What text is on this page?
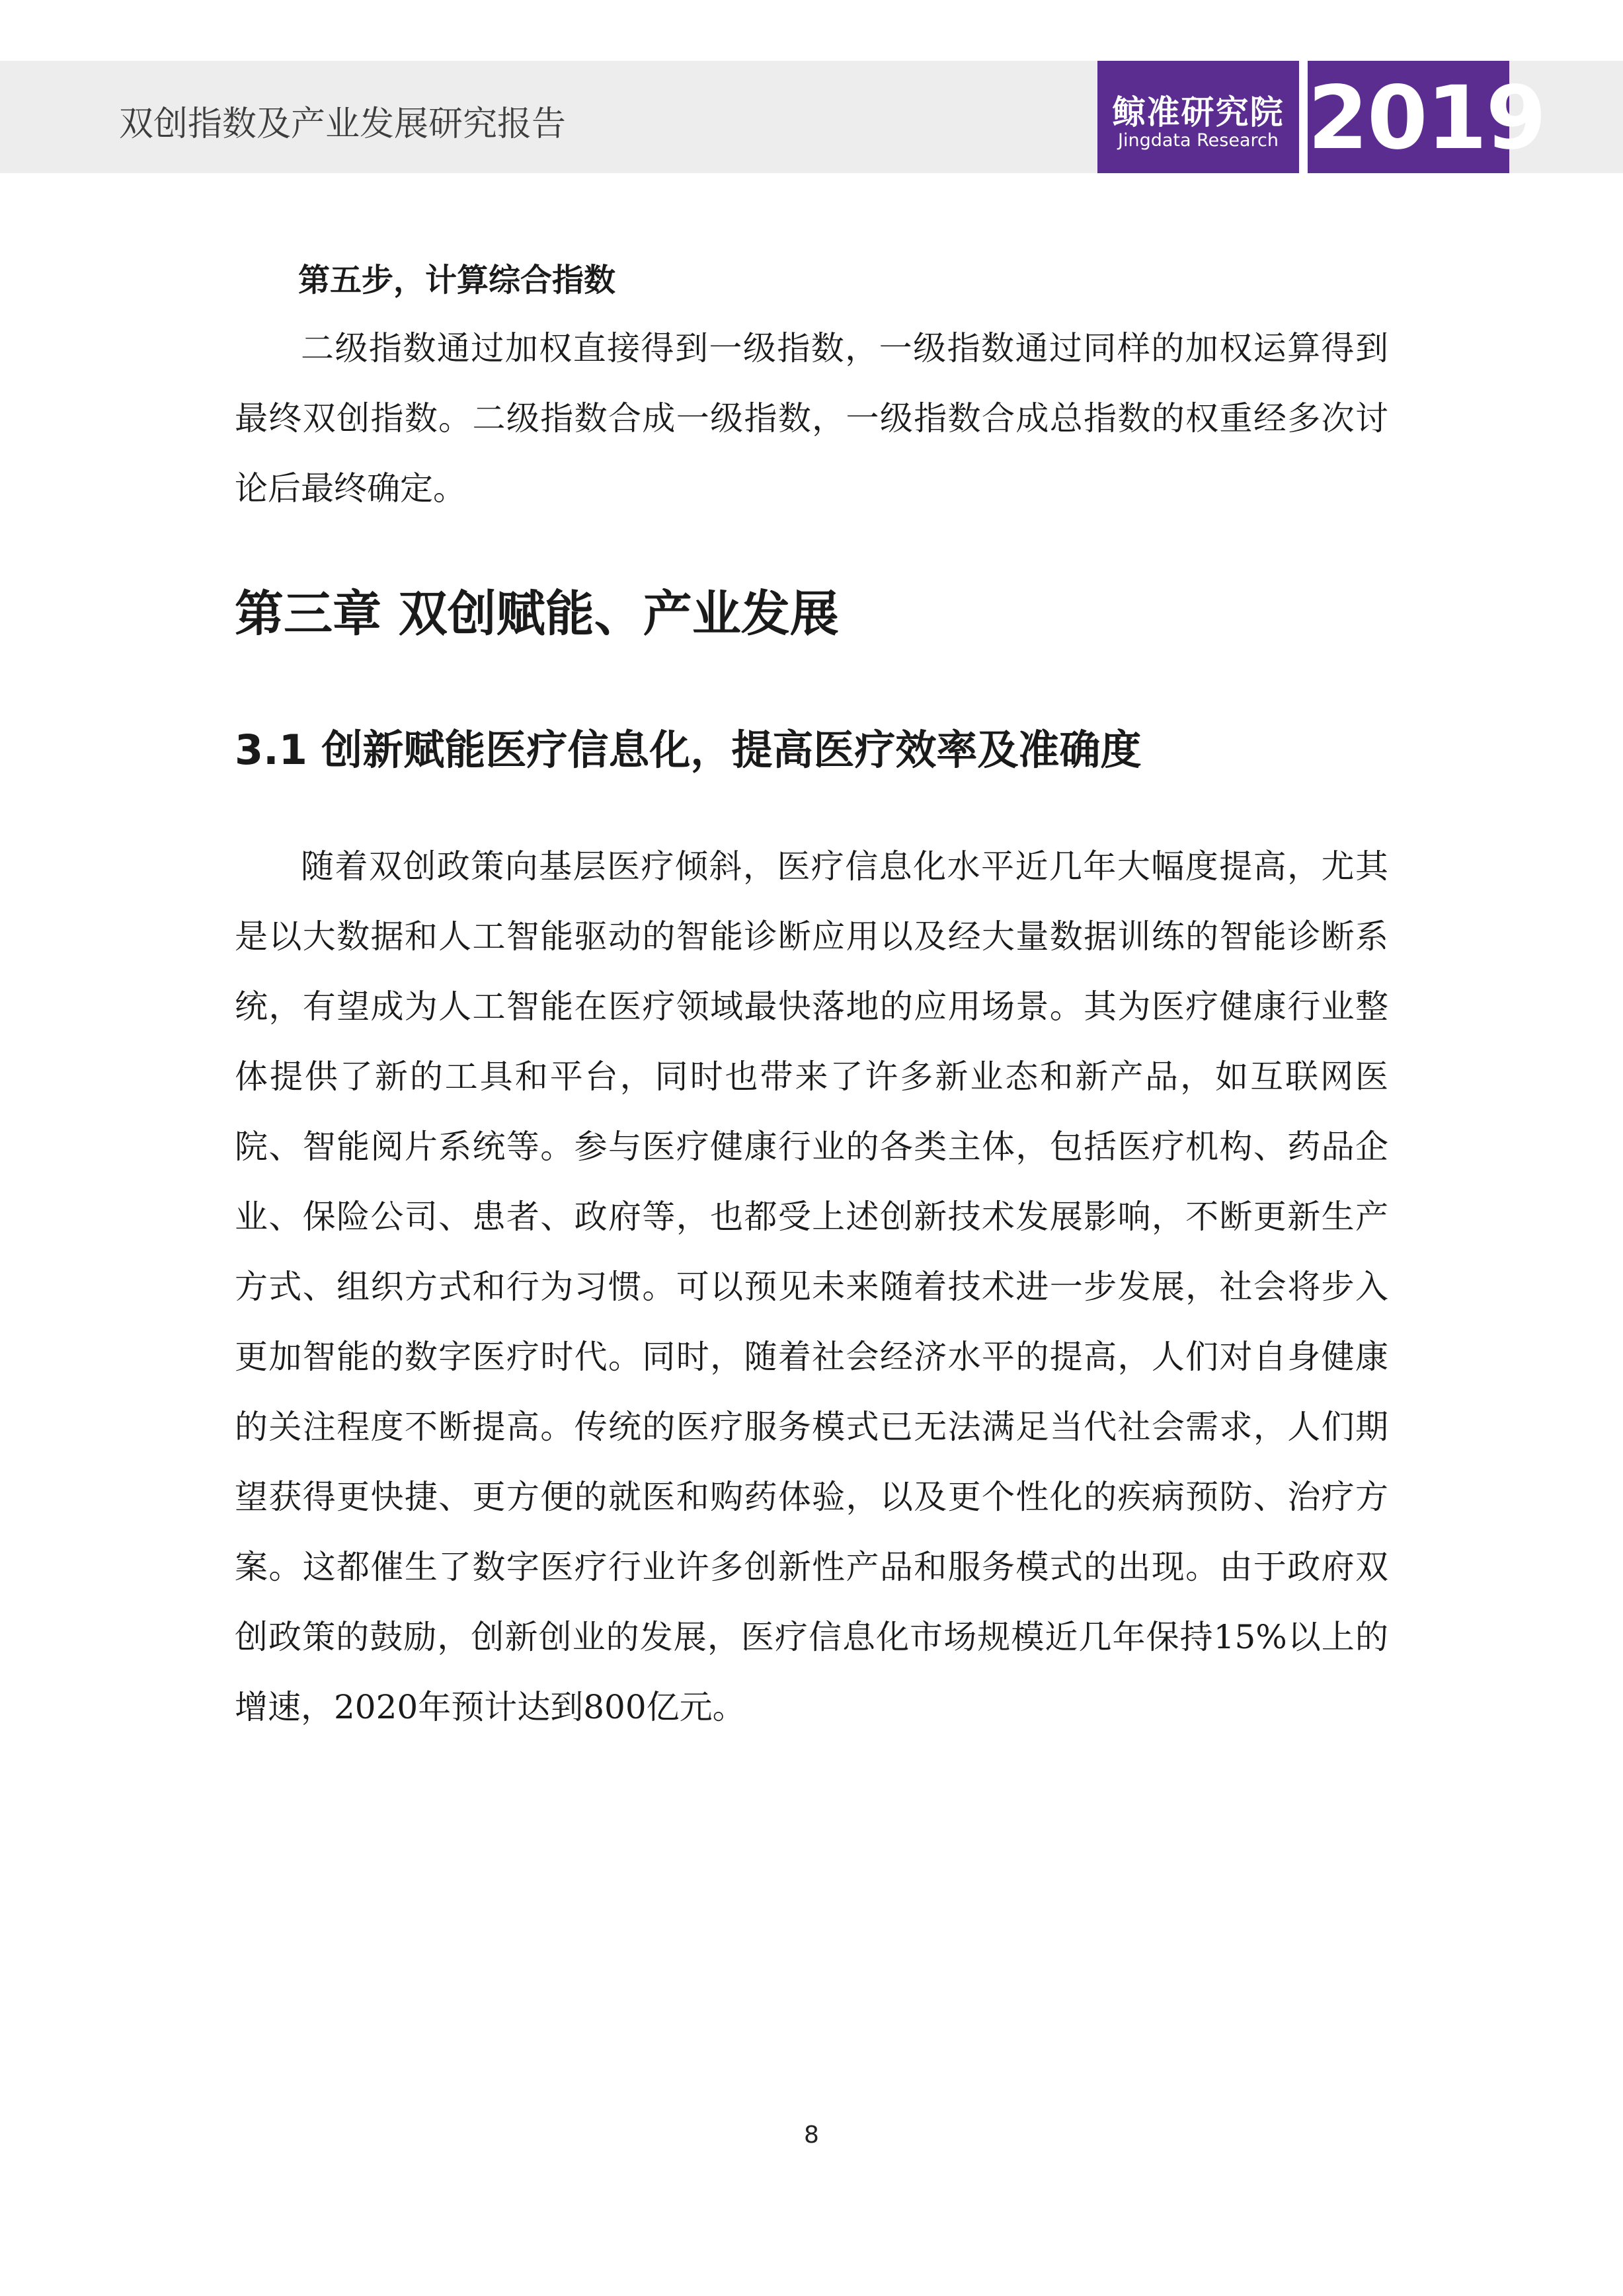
双创指数及产业发展研究报告	鲸准研究院
Jingdata Research 2019
第五步，计算综合指数

二级指数通过加权直接得到一级指数，一级指数通过同样的加权运算得到最终双创指数。二级指数合成一级指数，一级指数合成总指数的权重经多次讨论后最终确定。

第三章 双创赋能、产业发展
3.1 创新赋能医疗信息化，提高医疗效率及准确度

随着双创政策向基层医疗倾斜，医疗信息化水平近几年大幅度提高，尤其是以大数据和人工智能驱动的智能诊断应用以及经大量数据训练的智能诊断系统，有望成为人工智能在医疗领域最快落地的应用场景。其为医疗健康行业整体提供了新的工具和平台，同时也带来了许多新业态和新产品，如互联网医院、智能阅片系统等。参与医疗健康行业的各类主体，包括医疗机构、药品企业、保险公司、患者、政府等，也都受上述创新技术发展影响，不断更新生产方式、组织方式和行为习惯。可以预见未来随着技术进一步发展，社会将步入更加智能的数字医疗时代。同时，随着社会经济水平的提高，人们对自身健康的关注程度不断提高。传统的医疗服务模式已无法满足当代社会需求，人们期望获得更快捷、更方便的就医和购药体验，以及更个性化的疾病预防、治疗方案。这都催生了数字医疗行业许多创新性产品和服务模式的出现。由于政府双创政策的鼓励，创新创业的发展，医疗信息化市场规模近几年保持15%以上的增速，2020年预计达到800亿元。

8
